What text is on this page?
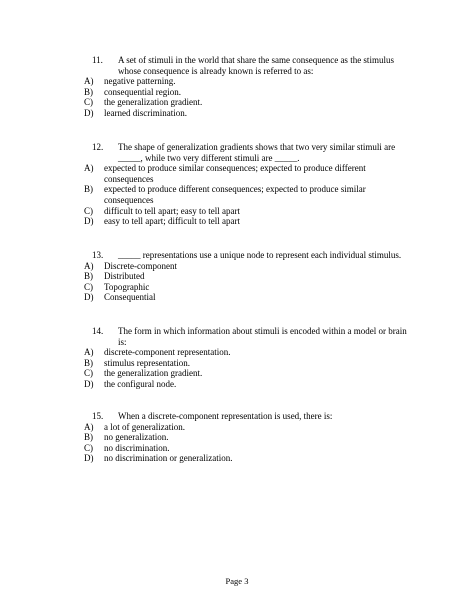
11. A set of stimuli in the world that share the same consequence as the stimulus whose consequence is already known is referred to as:
A) negative patterning.
B) consequential region.
C) the generalization gradient.
D) learned discrimination.
12. The shape of generalization gradients shows that two very similar stimuli are _____, while two very different stimuli are _____.
A) expected to produce similar consequences; expected to produce different consequences
B) expected to produce different consequences; expected to produce similar consequences
C) difficult to tell apart; easy to tell apart
D) easy to tell apart; difficult to tell apart
13. _____ representations use a unique node to represent each individual stimulus.
A) Discrete-component
B) Distributed
C) Topographic
D) Consequential
14. The form in which information about stimuli is encoded within a model or brain is:
A) discrete-component representation.
B) stimulus representation.
C) the generalization gradient.
D) the configural node.
15. When a discrete-component representation is used, there is:
A) a lot of generalization.
B) no generalization.
C) no discrimination.
D) no discrimination or generalization.
Page 3
